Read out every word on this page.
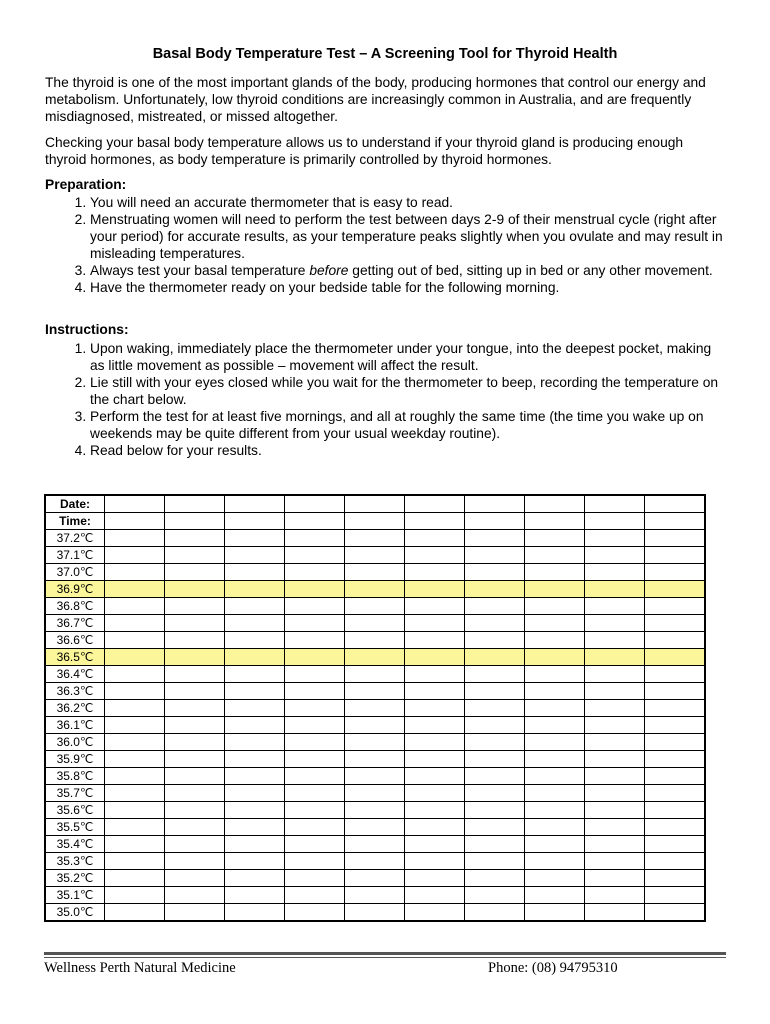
Basal Body Temperature Test – A Screening Tool for Thyroid Health
The thyroid is one of the most important glands of the body, producing hormones that control our energy and metabolism. Unfortunately, low thyroid conditions are increasingly common in Australia, and are frequently misdiagnosed, mistreated, or missed altogether.
Checking your basal body temperature allows us to understand if your thyroid gland is producing enough thyroid hormones, as body temperature is primarily controlled by thyroid hormones.
Preparation:
1. You will need an accurate thermometer that is easy to read.
2. Menstruating women will need to perform the test between days 2-9 of their menstrual cycle (right after your period) for accurate results, as your temperature peaks slightly when you ovulate and may result in misleading temperatures.
3. Always test your basal temperature before getting out of bed, sitting up in bed or any other movement.
4. Have the thermometer ready on your bedside table for the following morning.
Instructions:
1. Upon waking, immediately place the thermometer under your tongue, into the deepest pocket, making as little movement as possible – movement will affect the result.
2. Lie still with your eyes closed while you wait for the thermometer to beep, recording the temperature on the chart below.
3. Perform the test for at least five mornings, and all at roughly the same time (the time you wake up on weekends may be quite different from your usual weekday routine).
4. Read below for your results.
Date:										
Time:										
37.2℃										
37.1℃										
37.0℃										
36.9℃										
36.8℃										
36.7℃										
36.6℃										
36.5℃										
36.4℃										
36.3℃										
36.2℃										
36.1℃										
36.0℃										
35.9℃										
35.8℃										
35.7℃										
35.6℃										
35.5℃										
35.4℃										
35.3℃										
35.2℃										
35.1℃										
35.0℃										
Wellness Perth Natural Medicine	Phone: (08) 94795310
